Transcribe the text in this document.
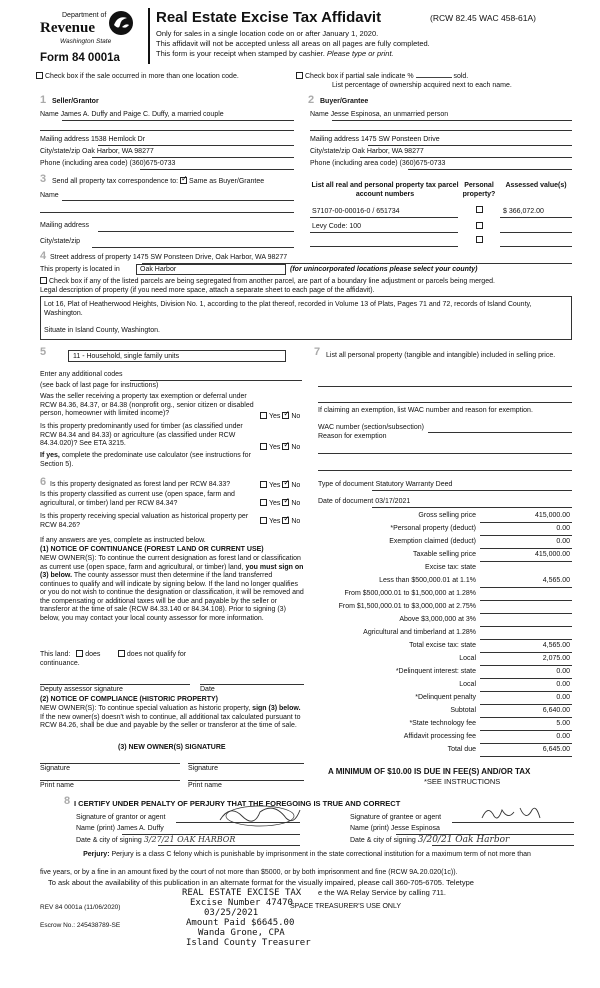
Department of
Revenue
Washington State
Form 84 0001a
Real Estate Excise Tax Affidavit	(RCW 82.45 WAC 458-61A)
Only for sales in a single location code on or after January 1, 2020.
This affidavit will not be accepted unless all areas on all pages are fully completed.
This form is your receipt when stamped by cashier. Please type or print.
Check box if the sale occurred in more than one location code.	Check box if partial sale indicate %	sold.
List percentage of ownership acquired next to each name.
1 Seller/Grantor
Name James A. Duffy and Paige C. Duffy, a married couple
Mailing address 1538 Hemlock Dr
City/state/zip Oak Harbor, WA 98277
Phone (including area code) (360)675-0733
2 Buyer/Grantee
Name Jesse Espinosa, an unmarried person
Mailing address 1475 SW Ponsteen Drive
City/state/zip Oak Harbor, WA 98277
Phone (including area code) (360)675-0733
3 Send all property tax correspondence to: ✓ Same as Buyer/Grantee
Name
Mailing address
City/state/zip
List all real and personal property tax parcel account numbers
Personal property?
Assessed value(s)
S7107-00-00016-0 / 651734	$ 366,072.00
Levy Code: 100
4 Street address of property 1475 SW Ponsteen Drive, Oak Harbor, WA 98277
This property is located in	Oak Harbor	(for unincorporated locations please select your county)
Check box if any of the listed parcels are being segregated from another parcel, are part of a boundary line adjustment or parcels being merged.
Legal description of property (if you need more space, attach a separate sheet to each page of the affidavit).
Lot 16, Plat of Heatherwood Heights, Division No. 1, according to the plat thereof, recorded in Volume 13 of Plats, Pages 71 and 72, records of Island County, Washington.
Situate in Island County, Washington.
5	11 - Household, single family units
Enter any additional codes
(see back of last page for instructions)
Was the seller receiving a property tax exemption or deferral under RCW 84.36, 84.37, or 84.38 (nonprofit org., senior citizen or disabled person, homeowner with limited income)?	Yes ✓ No
Is this property predominantly used for timber (as classified under RCW 84.34 and 84.33) or agriculture (as classified under RCW 84.34.020)? See ETA 3215.
Yes ✓ No
If yes, complete the predominate use calculator (see instructions for Section 5).
6 Is this property designated as forest land per RCW 84.33?	Yes ✓ No
Is this property classified as current use (open space, farm and agricultural, or timber) land per RCW 84.34?	Yes ✓ No
Is this property receiving special valuation as historical property per RCW 84.26?
Yes ✓ No
If any answers are yes, complete as instructed below.
(1) NOTICE OF CONTINUANCE (FOREST LAND OR CURRENT USE)
NEW OWNER(S): To continue the current designation as forest land or classification as current use (open space, farm and agricultural, or timber) land, you must sign on (3) below. The county assessor must then determine if the land transferred continues to qualify and will indicate by signing below. If the land no longer qualifies or you do not wish to continue the designation or classification, it will be removed and the compensating or additional taxes will be due and payable by the seller or transferor at the time of sale (RCW 84.33.140 or 84.34.108). Prior to signing (3) below, you may contact your local county assessor for more information.
This land: does	does not qualify for
continuance.
Deputy assessor signature	Date
(2) NOTICE OF COMPLIANCE (HISTORIC PROPERTY)
NEW OWNER(S): To continue special valuation as historic property, sign (3) below. If the new owner(s) doesn't wish to continue, all additional tax calculated pursuant to RCW 84.26, shall be due and payable by the seller or transferor at the time of sale.
(3) NEW OWNER(S) SIGNATURE
Signature	Signature
Print name	Print name
7 List all personal property (tangible and intangible) included in selling price.
If claiming an exemption, list WAC number and reason for exemption.
WAC number (section/subsection)
Reason for exemption
Type of document Statutory Warranty Deed
Date of document 03/17/2021
Gross selling price	415,000.00
*Personal property (deduct)	0.00
Exemption claimed (deduct)	0.00
Taxable selling price	415,000.00
Excise tax: state
Less than $500,000.01 at 1.1%	4,565.00
From $500,000.01 to $1,500,000 at 1.28%
From $1,500,000.01 to $3,000,000 at 2.75%
Above $3,000,000 at 3%
Agricultural and timberland at 1.28%
Total excise tax: state	4,565.00
Local	2,075.00
*Delinquent interest: state	0.00
Local	0.00
*Delinquent penalty	0.00
Subtotal	6,640.00
*State technology fee	5.00
Affidavit processing fee	0.00
Total due	6,645.00
A MINIMUM OF $10.00 IS DUE IN FEE(S) AND/OR TAX
*SEE INSTRUCTIONS
8 I CERTIFY UNDER PENALTY OF PERJURY THAT THE FOREGOING IS TRUE AND CORRECT
Signature of grantor or agent
Name (print) James A. Duffy
Date & city of signing 3/27/21 OAK HARBOR
Signature of grantee or agent
Name (print) Jesse Espinosa
Date & city of signing 3/20/21 Oak Harbor
Perjury: Perjury is a class C felony which is punishable by imprisonment in the state correctional institution for a maximum term of not more than
five years, or by a fine in an amount fixed by the court of not more than $5000, or by both imprisonment and fine (RCW 9A.20.020(1c)).
To ask about the availability of this publication in an alternate format for the visually impaired, please call 360-705-6705. Teletype
REAL ESTATE EXCISE TAX e the WA Relay Service by calling 711.
Excise Number 47470
03/25/2021
Amount Paid $6645.00
Wanda Grone, CPA
Island County Treasurer
REV 84 0001a (11/06/2020)
Escrow No.: 245438789-SE
SPACE TREASURER'S USE ONLY
